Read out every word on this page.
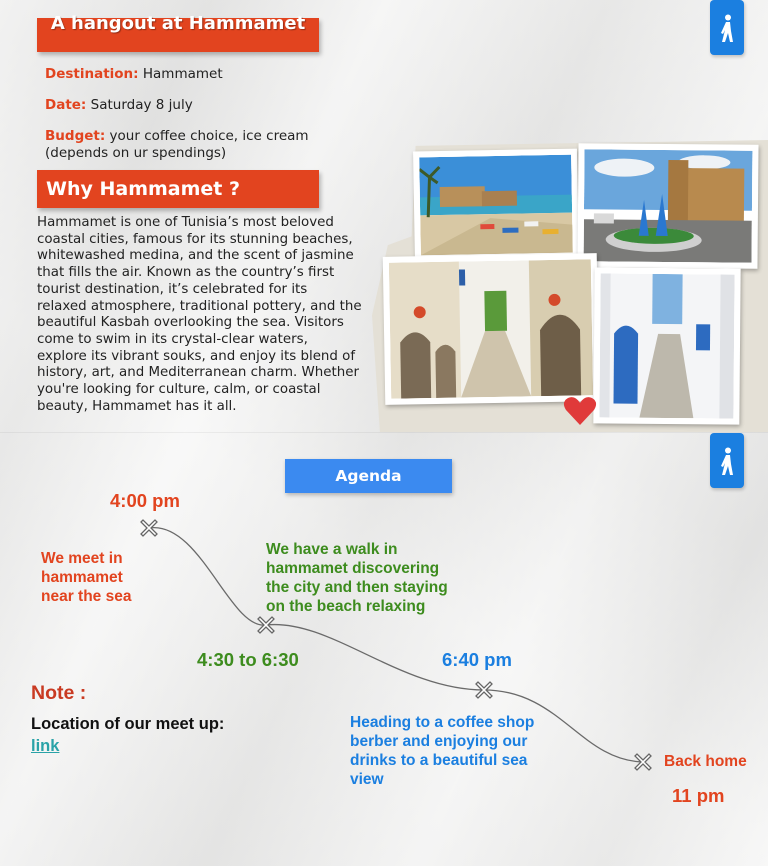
A hangout at Hammamet
Destination: Hammamet
Date: Saturday 8 july
Budget: your coffee choice, ice cream
(depends on ur spendings)
Why Hammamet ?
Hammamet is one of Tunisia’s most beloved
coastal cities, famous for its stunning beaches,
whitewashed medina, and the scent of jasmine
that fills the air. Known as the country’s first
tourist destination, it’s celebrated for its
relaxed atmosphere, traditional pottery, and the
beautiful Kasbah overlooking the sea. Visitors
come to swim in its crystal-clear waters,
explore its vibrant souks, and enjoy its blend of
history, art, and Mediterranean charm. Whether
you're looking for culture, calm, or coastal
beauty, Hammamet has it all.
Agenda
4:00 pm
We meet in
hammamet
near the sea
We have a walk in
hammamet discovering
the city and then staying
on the beach relaxing
4:30 to 6:30	6:40 pm
Heading to a coffee shop
berber and enjoying our
drinks to a beautiful sea
view
Back home
11 pm
Note :
Location of our meet up:
link
